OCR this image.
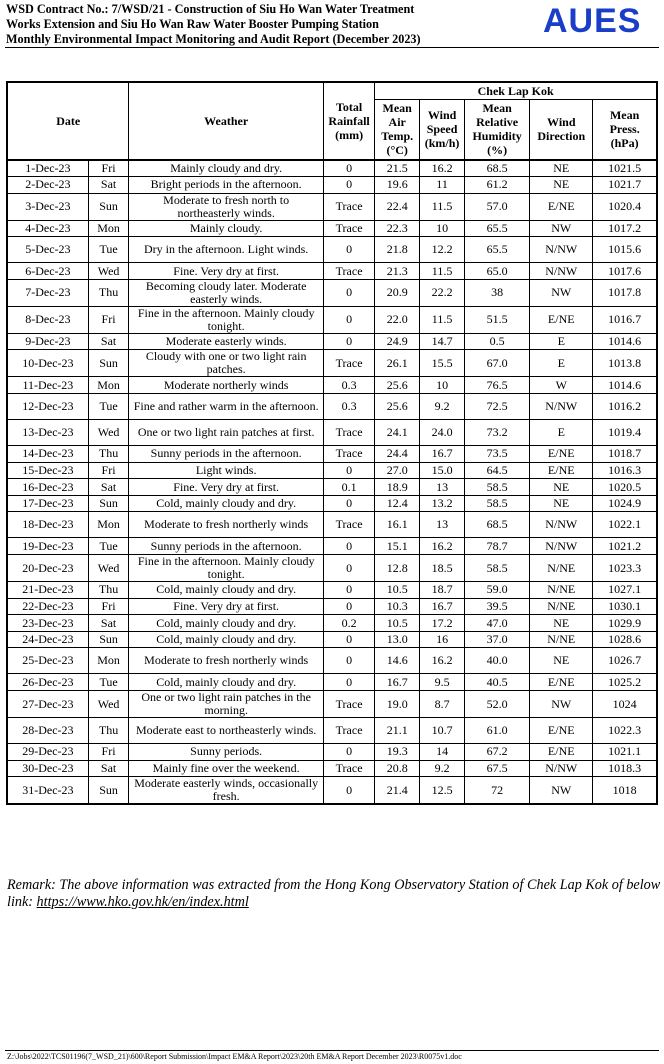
WSD Contract No.: 7/WSD/21 - Construction of Siu Ho Wan Water Treatment
Works Extension and Siu Ho Wan Raw Water Booster Pumping Station
Monthly Environmental Impact Monitoring and Audit Report (December 2023)	AUES
Date		Weather	Total Rainfall (mm)	Chek Lap Kok				
				Mean Air Temp. (°C)	Wind Speed (km/h)	Mean Relative Humidity (%)	Wind Direction	Mean Press. (hPa)
1-Dec-23	Fri	Mainly cloudy and dry.	0	21.5	16.2	68.5	NE	1021.5
2-Dec-23	Sat	Bright periods in the afternoon.	0	19.6	11	61.2	NE	1021.7
3-Dec-23	Sun	Moderate to fresh north to northeasterly winds.	Trace	22.4	11.5	57.0	E/NE	1020.4
4-Dec-23	Mon	Mainly cloudy.	Trace	22.3	10	65.5	NW	1017.2
5-Dec-23	Tue	Dry in the afternoon. Light winds.	0	21.8	12.2	65.5	N/NW	1015.6
6-Dec-23	Wed	Fine. Very dry at first.	Trace	21.3	11.5	65.0	N/NW	1017.6
7-Dec-23	Thu	Becoming cloudy later. Moderate easterly winds.	0	20.9	22.2	38	NW	1017.8
8-Dec-23	Fri	Fine in the afternoon. Mainly cloudy tonight.	0	22.0	11.5	51.5	E/NE	1016.7
9-Dec-23	Sat	Moderate easterly winds.	0	24.9	14.7	0.5	E	1014.6
10-Dec-23	Sun	Cloudy with one or two light rain patches.	Trace	26.1	15.5	67.0	E	1013.8
11-Dec-23	Mon	Moderate northerly winds	0.3	25.6	10	76.5	W	1014.6
12-Dec-23	Tue	Fine and rather warm in the afternoon.	0.3	25.6	9.2	72.5	N/NW	1016.2
13-Dec-23	Wed	One or two light rain patches at first.	Trace	24.1	24.0	73.2	E	1019.4
14-Dec-23	Thu	Sunny periods in the afternoon.	Trace	24.4	16.7	73.5	E/NE	1018.7
15-Dec-23	Fri	Light winds.	0	27.0	15.0	64.5	E/NE	1016.3
16-Dec-23	Sat	Fine. Very dry at first.	0.1	18.9	13	58.5	NE	1020.5
17-Dec-23	Sun	Cold, mainly cloudy and dry.	0	12.4	13.2	58.5	NE	1024.9
18-Dec-23	Mon	Moderate to fresh northerly winds	Trace	16.1	13	68.5	N/NW	1022.1
19-Dec-23	Tue	Sunny periods in the afternoon.	0	15.1	16.2	78.7	N/NW	1021.2
20-Dec-23	Wed	Fine in the afternoon. Mainly cloudy tonight.	0	12.8	18.5	58.5	N/NE	1023.3
21-Dec-23	Thu	Cold, mainly cloudy and dry.	0	10.5	18.7	59.0	N/NE	1027.1
22-Dec-23	Fri	Fine. Very dry at first.	0	10.3	16.7	39.5	N/NE	1030.1
23-Dec-23	Sat	Cold, mainly cloudy and dry.	0.2	10.5	17.2	47.0	NE	1029.9
24-Dec-23	Sun	Cold, mainly cloudy and dry.	0	13.0	16	37.0	N/NE	1028.6
25-Dec-23	Mon	Moderate to fresh northerly winds	0	14.6	16.2	40.0	NE	1026.7
26-Dec-23	Tue	Cold, mainly cloudy and dry.	0	16.7	9.5	40.5	E/NE	1025.2
27-Dec-23	Wed	One or two light rain patches in the morning.	Trace	19.0	8.7	52.0	NW	1024
28-Dec-23	Thu	Moderate east to northeasterly winds.	Trace	21.1	10.7	61.0	E/NE	1022.3
29-Dec-23	Fri	Sunny periods.	0	19.3	14	67.2	E/NE	1021.1
30-Dec-23	Sat	Mainly fine over the weekend.	Trace	20.8	9.2	67.5	N/NW	1018.3
31-Dec-23	Sun	Moderate easterly winds, occasionally fresh.	0	21.4	12.5	72	NW	1018
Remark: The above information was extracted from the Hong Kong Observatory Station of Chek Lap Kok of below link: https://www.hko.gov.hk/en/index.html
Z:\Jobs\2022\TCS01196(7_WSD_21)\600\Report Submission\Impact EM&A Report\2023\20th EM&A Report December 2023\R0075v1.doc
